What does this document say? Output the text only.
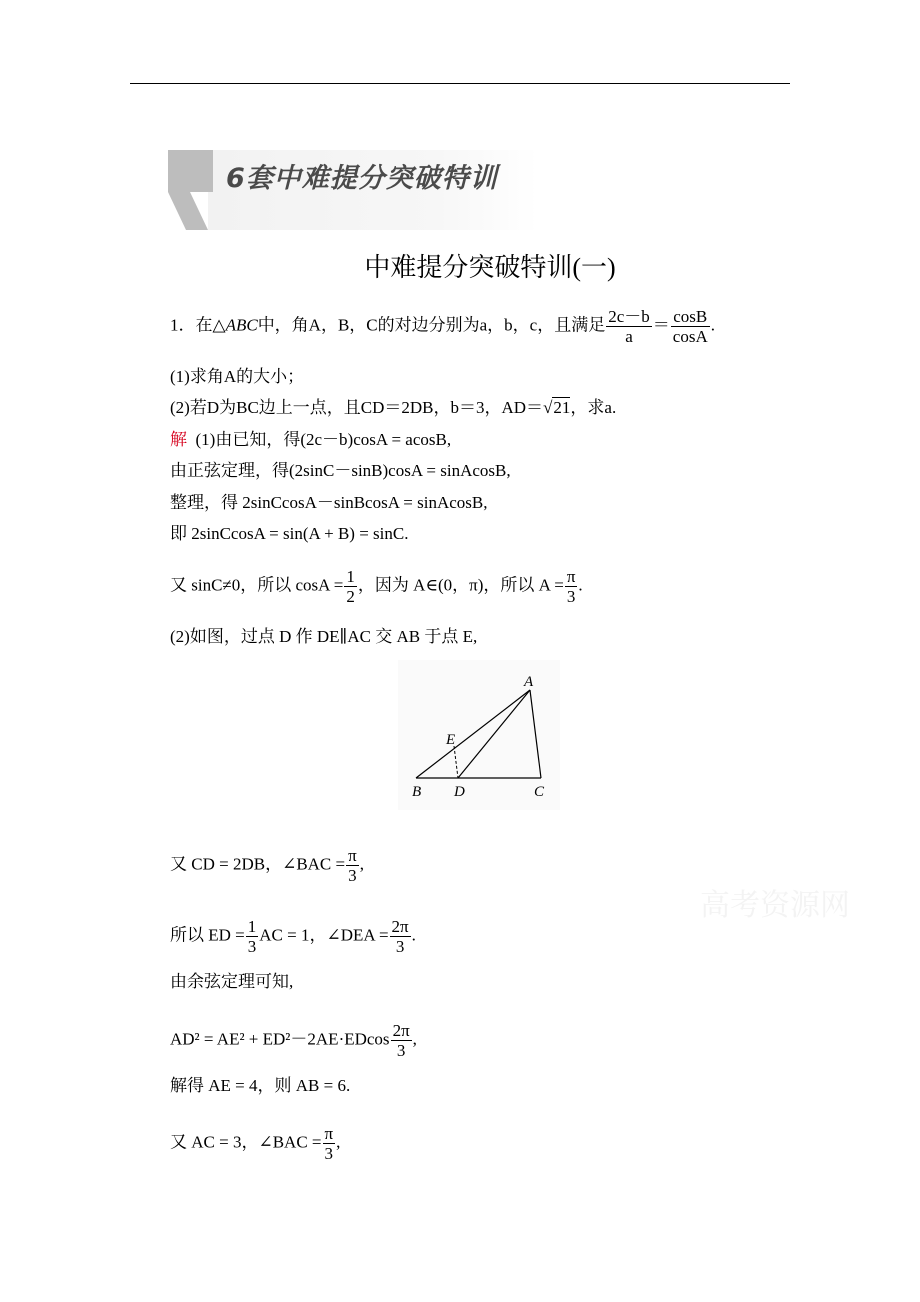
6套中难提分突破特训
中难提分突破特训(一)
1．在△ABC中，角A，B，C的对边分别为a，b，c，且满足 $\frac{2c-b}{a} = \frac{\cos B}{\cos A}$ .
(1)求角A的大小；
(2)若D为BC边上一点，且CD＝2DB，b＝3，AD＝√21，求a.
解 (1)由已知，得(2c－b)cosA = acosB,
由正弦定理，得(2sinC－sinB)cosA = sinAcosB,
整理，得 2sinCcosA－sinBcosA = sinAcosB,
即 2sinCcosA = sin(A + B) = sinC.
又 sinC≠0，所以 $\cos A = \frac{1}{2}$ ，因为 A∈(0，π)，所以 $A = \frac{\pi}{3}$ .
(2)如图，过点 D 作 DE∥AC 交 AB 于点 E,
A
B	C
D
E
又 CD = 2DB，∠BAC = $\frac{\pi}{3}$ ,
所以 ED = $\frac{1}{3}$ AC = 1，∠DEA = $\frac{2\pi}{3}$ .
由余弦定理可知,
$AD^2 = AE^2 + ED^2-2AE\cdot EDcos \frac{2\pi}{3}$ ,
解得 AE = 4，则 AB = 6.
又 AC = 3，∠BAC = $\frac{\pi}{3}$ ,
高考资源网
